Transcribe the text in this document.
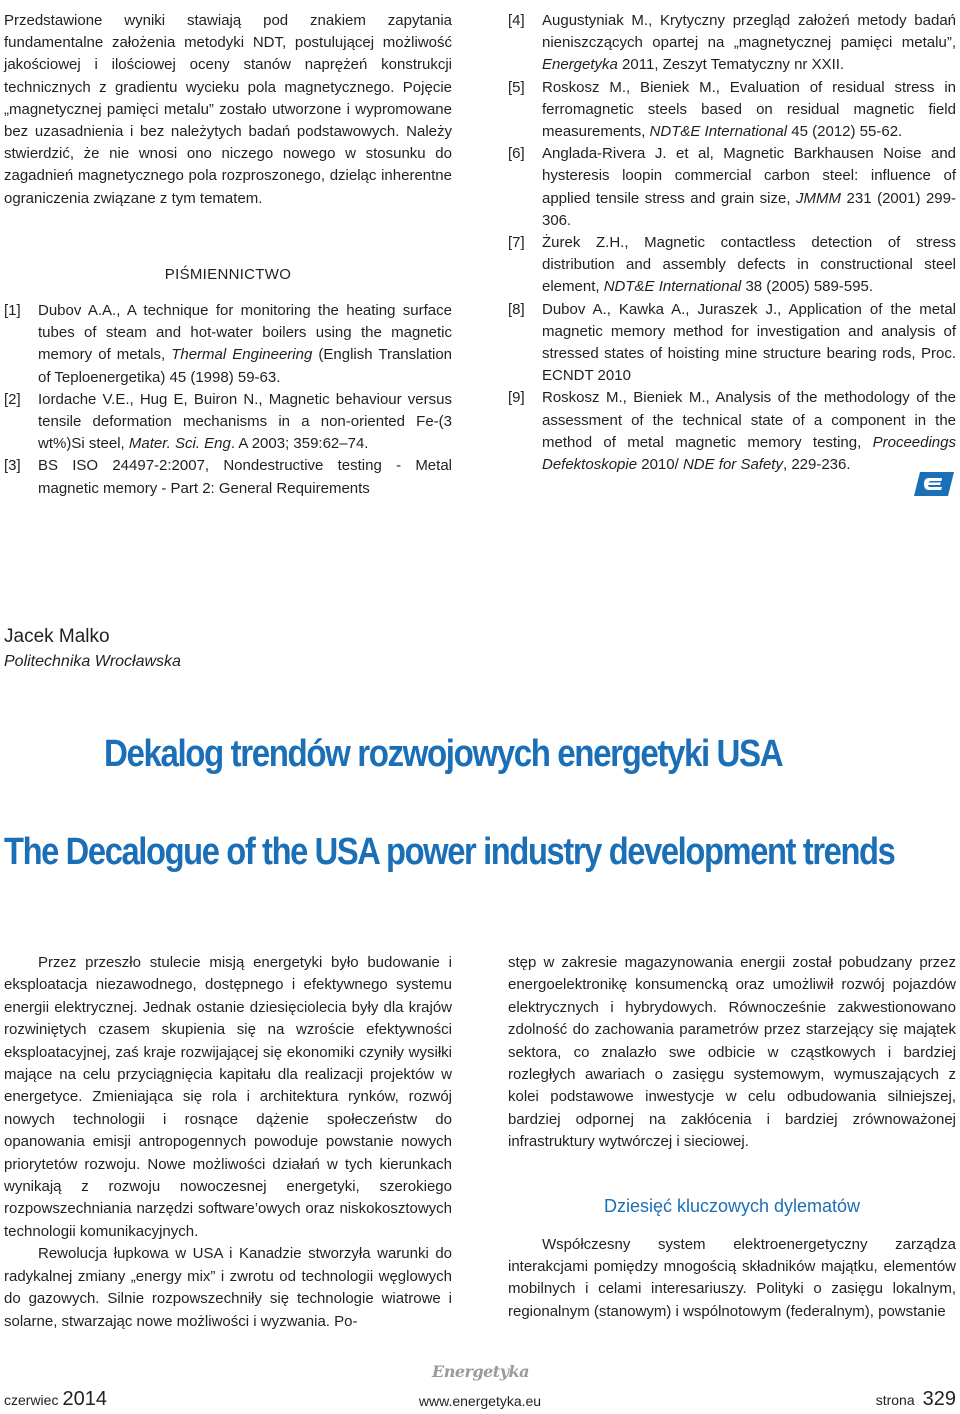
Przedstawione wyniki stawiają pod znakiem zapytania fundamentalne założenia metodyki NDT, postulującej możliwość jakościowej i ilościowej oceny stanów naprężeń konstrukcji technicznych z gradientu wycieku pola magnetycznego. Pojęcie „magnetycznej pamięci metalu” zostało utworzone i wypromowane bez uzasadnienia i bez należytych badań podstawowych. Należy stwierdzić, że nie wnosi ono niczego nowego w stosunku do zagadnień magnetycznego pola rozproszonego, dzieląc inherentne ograniczenia związane z tym tematem.

PIŚMIENNICTWO
[1]	Dubov A.A., A technique for monitoring the heating surface tubes of steam and hot-water boilers using the magnetic memory of metals, Thermal Engineering (English Translation of Teploenergetika) 45 (1998) 59-63.
[2]	Iordache V.E., Hug E, Buiron N., Magnetic behaviour versus tensile deformation mechanisms in a non-oriented Fe-(3 wt%)Si steel, Mater. Sci. Eng. A 2003; 359:62–74.
[3]	BS ISO 24497-2:2007, Nondestructive testing - Metal magnetic memory - Part 2: General Requirements
[4]	Augustyniak M., Krytyczny przegląd założeń metody badań nieniszczących opartej na „magnetycznej pamięci metalu”, Energetyka 2011, Zeszyt Tematyczny nr XXII.
[5]	Roskosz M., Bieniek M., Evaluation of residual stress in ferromagnetic steels based on residual magnetic field measurements, NDT&E International 45 (2012) 55-62.
[6]	Anglada-Rivera J. et al, Magnetic Barkhausen Noise and hysteresis loopin commercial carbon steel: influence of applied tensile stress and grain size, JMMM 231 (2001) 299-306.
[7]	Żurek Z.H., Magnetic contactless detection of stress distribution and assembly defects in constructional steel element, NDT&E International 38 (2005) 589-595.
[8]	Dubov A., Kawka A., Juraszek J., Application of the metal magnetic memory method for investigation and analysis of stressed states of hoisting mine structure bearing rods, Proc. ECNDT 2010
[9]	Roskosz M., Bieniek M., Analysis of the methodology of the assessment of the technical state of a component in the method of metal magnetic memory testing, Proceedings Defektoskopie 2010/ NDE for Safety, 229-236.
Jacek Malko
Politechnika Wrocławska
Dekalog trendów rozwojowych energetyki USA
The Decalogue of the USA power industry development trends

Przez przeszło stulecie misją energetyki było budowanie i eksploatacja niezawodnego, dostępnego i efektywnego systemu energii elektrycznej. Jednak ostanie dziesięciolecia były dla krajów rozwiniętych czasem skupienia się na wzroście efektywności eksploatacyjnej, zaś kraje rozwijającej się ekonomiki czyniły wysiłki mające na celu przyciągnięcia kapitału dla realizacji projektów w energetyce. Zmieniająca się rola i architektura rynków, rozwój nowych technologii i rosnące dążenie społeczeństw do opanowania emisji antropogennych powoduje powstanie nowych priorytetów rozwoju. Nowe możliwości działań w tych kierunkach wynikają z rozwoju nowoczesnej energetyki, szerokiego rozpowszechniania narzędzi software’owych oraz niskokosztowych technologii komunikacyjnych.

Rewolucja łupkowa w USA i Kanadzie stworzyła warunki do radykalnej zmiany „energy mix” i zwrotu od technologii węglowych do gazowych. Silnie rozpowszechniły się technologie wiatrowe i solarne, stwarzając nowe możliwości i wyzwania. Po-

stęp w zakresie magazynowania energii został pobudzany przez energoelektronikę konsumencką oraz umożliwił rozwój pojazdów elektrycznych i hybrydowych. Równocześnie zakwestionowano zdolność do zachowania parametrów przez starzejący się majątek sektora, co znalazło swe odbicie w cząstkowych i bardziej rozległych awariach o zasięgu systemowym, wymuszających z kolei podstawowe inwestycje w celu odbudowania silniejszej, bardziej odpornej na zakłócenia i bardziej zrównoważonej infrastruktury wytwórczej i sieciowej.

Dziesięć kluczowych dylematów

Współczesny system elektroenergetyczny zarządza interakcjami pomiędzy mnogością składników majątku, elementów mobilnych i celami interesariuszy. Polityki o zasięgu lokalnym, regionalnym (stanowym) i wspólnotowym (federalnym), powstanie

czerwiec 2014
Energetyka
www.energetyka.eu	strona 329
